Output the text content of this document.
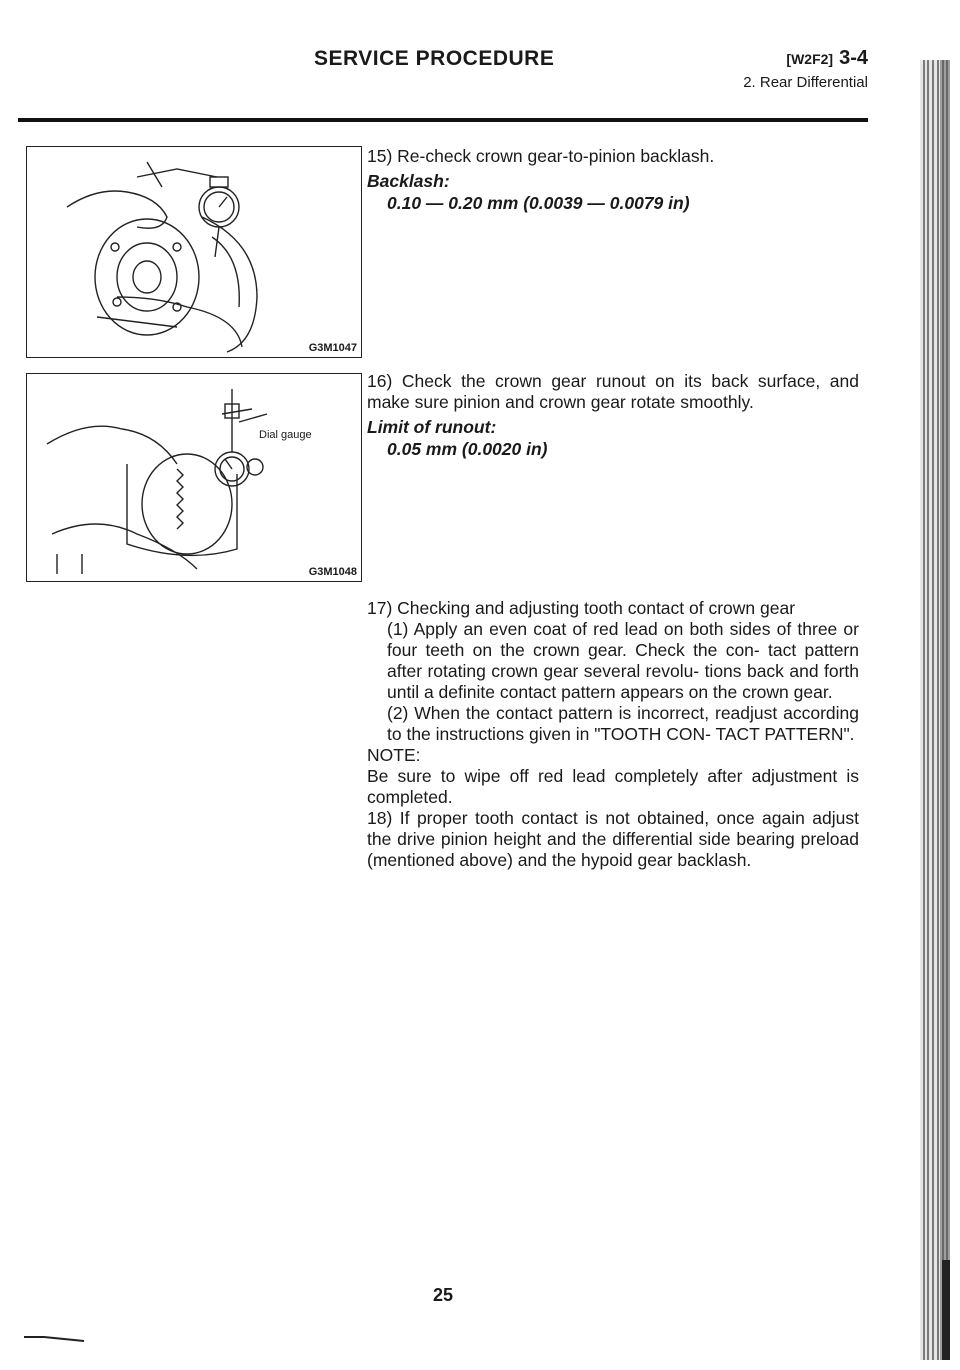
SERVICE PROCEDURE	[W2F2] 3-4
2. Rear Differential
G3M1047
Dial gauge
G3M1048

15) Re-check crown gear-to-pinion backlash.

Backlash:

0.10 — 0.20 mm (0.0039 — 0.0079 in)

16) Check the crown gear runout on its back surface, and make sure pinion and crown gear rotate smoothly.

Limit of runout:

0.05 mm (0.0020 in)

17) Checking and adjusting tooth contact of crown gear

(1) Apply an even coat of red lead on both sides of three or four teeth on the crown gear. Check the con- tact pattern after rotating crown gear several revolu- tions back and forth until a definite contact pattern appears on the crown gear.

(2) When the contact pattern is incorrect, readjust according to the instructions given in "TOOTH CON- TACT PATTERN".

NOTE:

Be sure to wipe off red lead completely after adjustment is completed.

18) If proper tooth contact is not obtained, once again adjust the drive pinion height and the differential side bearing preload (mentioned above) and the hypoid gear backlash.

25
